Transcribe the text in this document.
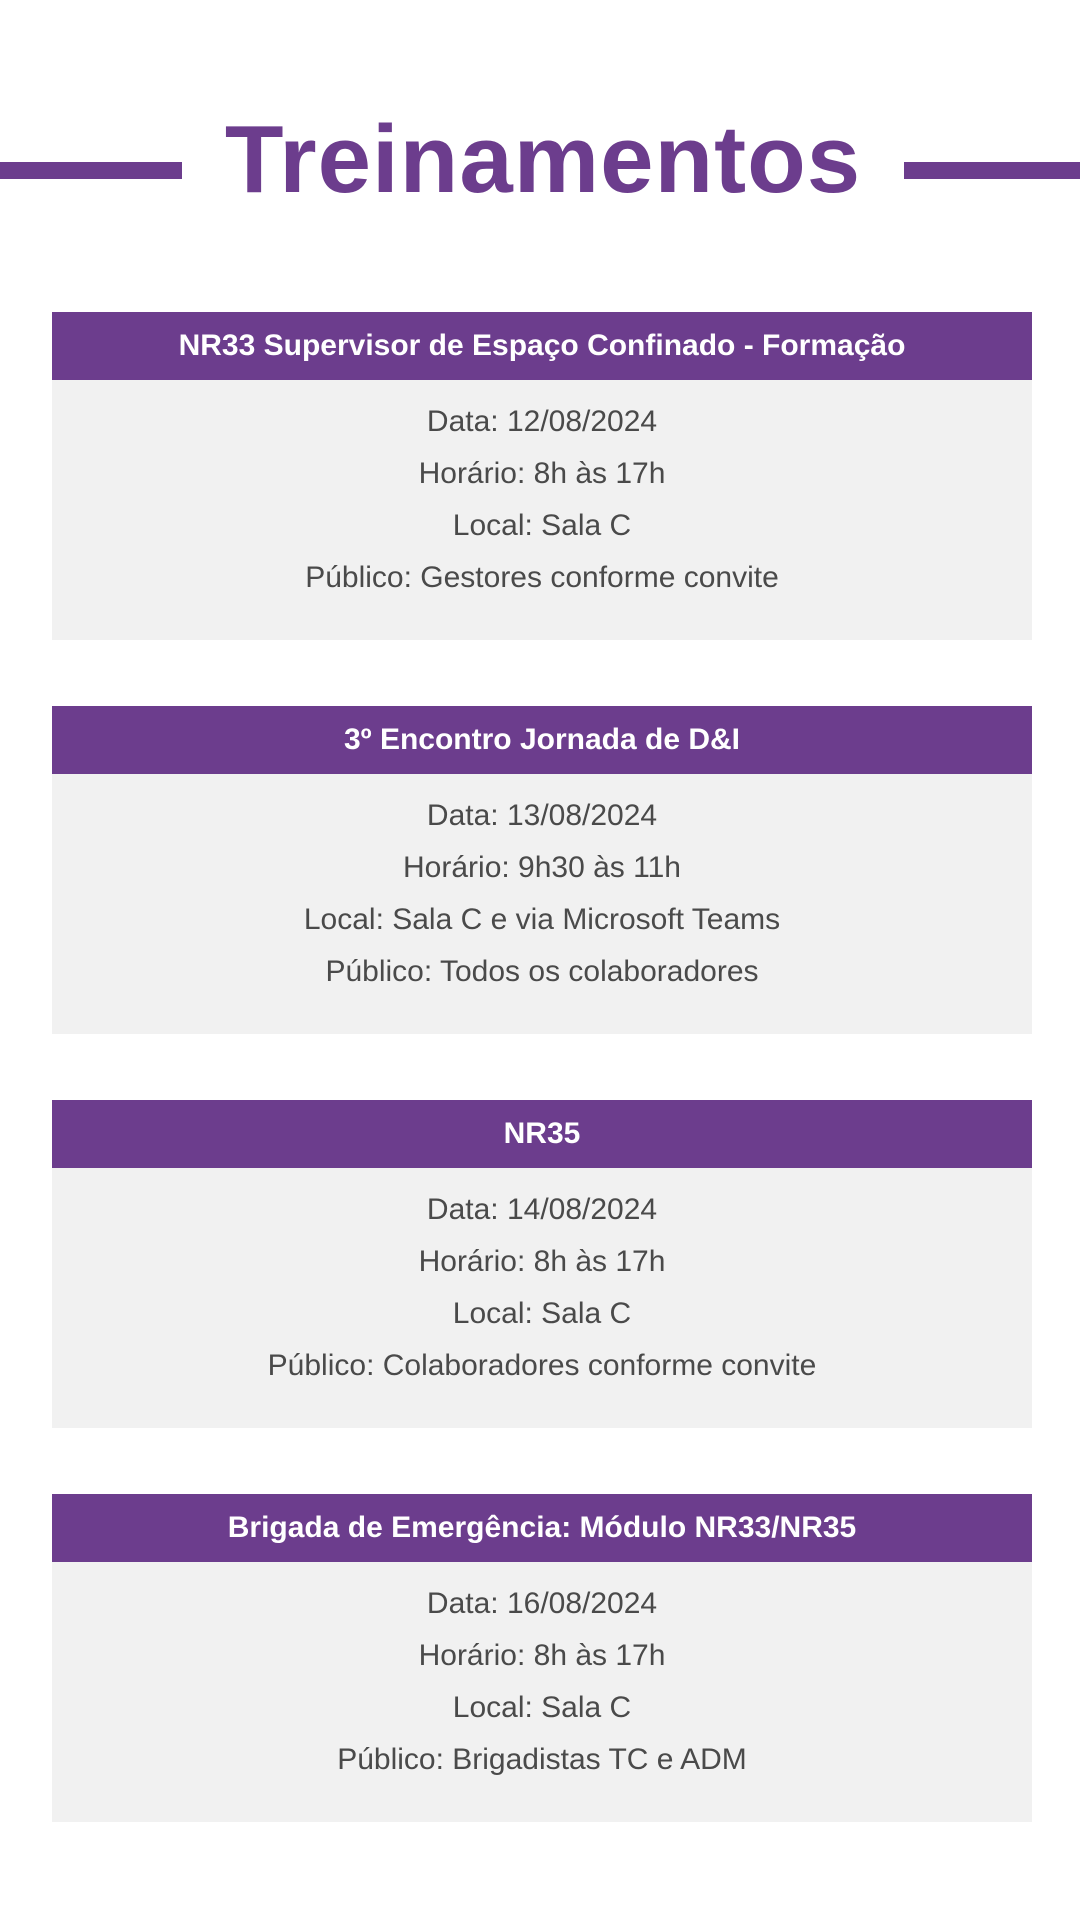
Treinamentos
NR33 Supervisor de Espaço Confinado - Formação
Data: 12/08/2024
Horário: 8h às 17h
Local: Sala C
Público: Gestores conforme convite
3º Encontro Jornada de D&I
Data: 13/08/2024
Horário: 9h30 às 11h
Local: Sala C e via Microsoft Teams
Público: Todos os colaboradores
NR35
Data: 14/08/2024
Horário: 8h às 17h
Local: Sala C
Público: Colaboradores conforme convite
Brigada de Emergência: Módulo NR33/NR35
Data: 16/08/2024
Horário: 8h às 17h
Local: Sala C
Público: Brigadistas TC e ADM
